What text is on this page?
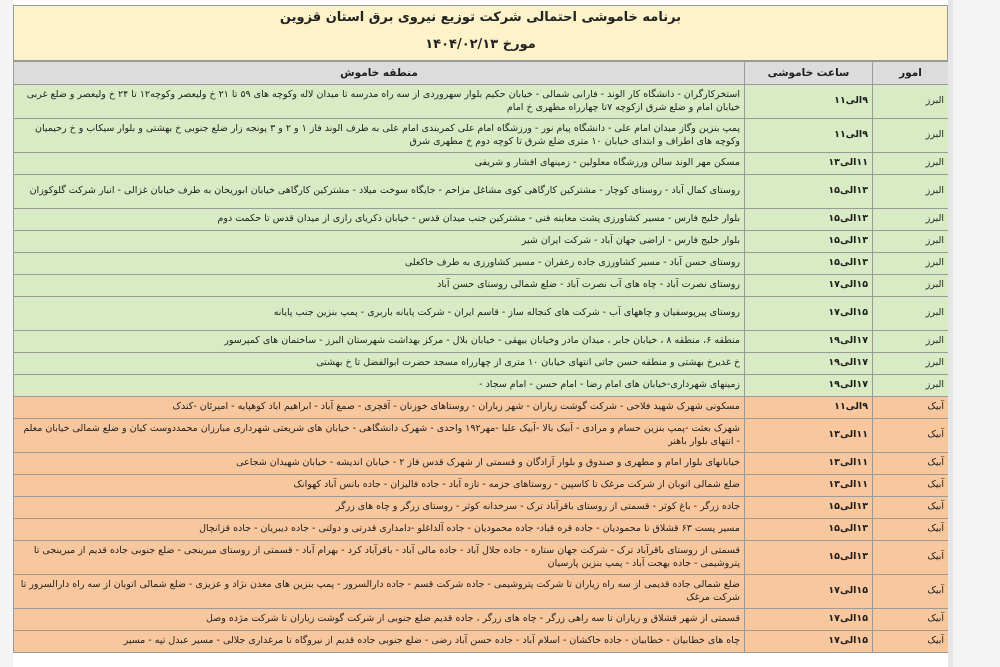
برنامه خاموشی احتمالی شرکت توزیع نیروی برق استان قزوین
مورخ ۱۴۰۴/۰۲/۱۳
امور	ساعت خاموشی	منطقه خاموش
البرز	۹الی۱۱	استخرکارگران - دانشگاه کار الوند - فارابی شمالی - خیابان حکیم بلوار سهروردی از سه راه مدرسه تا میدان لاله وکوچه های ۵۹ تا ۲۱ خ ولیعصر وکوچه۱۲ تا ۲۴ خ ولیعصر و ضلع غربی خیابان امام و ضلع شرق ازکوچه ۷تا چهارراه مطهری خ امام
البرز	۹الی۱۱	پمپ بنزین وگاز میدان امام علی - دانشگاه پیام نور - ورزشگاه امام علی کمربندی امام علی به طرف الوند فاز ۱ و ۲ و ۳ پونجه زار ضلع جنوبی خ بهشتی و بلوار سیکاب و خ رحیمیان وکوچه های اطراف و ابتدای خیابان ۱۰ متری ضلع شرق تا کوچه دوم خ مطهری شرق
البرز	۱۱الی۱۳	مسکن مهر الوند سالن ورزشگاه معلولین - زمینهای افشار و شریفی
البرز	۱۳الی۱۵	روستای کمال آباد - روستای کوچار - مشترکین کارگاهی کوی مشاغل مزاحم - جایگاه سوخت میلاد - مشترکین کارگاهی خیابان ابوریحان به طرف خیابان غزالی - انبار شرکت گلوکوزان
البرز	۱۳الی۱۵	بلوار خلیج فارس - مسیر کشاورزی پشت معاینه فنی - مشترکین جنب میدان قدس - خیابان ذکریای رازی از میدان قدس تا حکمت دوم
البرز	۱۳الی۱۵	بلوار خلیج فارس - اراضی جهان آباد - شرکت ایران شیر
البرز	۱۳الی۱۵	روستای حسن آباد - مسیر کشاورزی جاده زعفران - مسیر کشاورزی به طرف خاکعلی
البرز	۱۵الی۱۷	روستای نصرت آباد - چاه های آب نصرت آباد - ضلع شمالی روستای حسن آباد
البرز	۱۵الی۱۷	روستای پیرپوسفیان و چاههای آب - شرکت های کنجاله ساز - قاسم ایران - شرکت پایانه باربری - پمپ بنزین جنب پایانه
البرز	۱۷الی۱۹	منطقه ۶، منطقه ۸ ، خیابان جابر ، میدان مادر وخیابان بیهقی - خیابان بلال - مرکز بهداشت شهرستان البرز - ساختمان های کمپرسور
البرز	۱۷الی۱۹	خ غدیرخ بهشتی و منطقه حسن جاتی انتهای خیابان ۱۰ متری از چهارراه مسجد حضرت ابوالفضل تا خ بهشتی
البرز	۱۷الی۱۹	زمینهای شهرداری-خیابان های امام رضا - امام حسن - امام سجاد -
آبیک	۹الی۱۱	مسکونی شهرک شهید فلاحی - شرکت گوشت زیاران - شهر زیاران - روستاهای خوزنان - آقچری - صمغ آباد - ابراهیم اباد کوهپایه - امیرئان -کندک
آبیک	۱۱الی۱۳	شهرک بعثت -پمپ بنزین حسام و مرادی - آبیک بالا -آبیک علیا -مهر۱۹۲ واحدی - شهرک دانشگاهی - خیابان های شریعتی شهرداری مبارزان محمددوست کیان و ضلع شمالی خیابان معلم - انتهای بلوار باهنر
آبیک	۱۱الی۱۳	خیابانهای بلوار امام و مطهری و صندوق و بلوار آزادگان و قسمتی از شهرک قدس فاز ۲ - خیابان اندیشه - خیابان شهیدان شجاعی
آبیک	۱۱الی۱۳	ضلع شمالی اتوبان از شرکت مرغک تا کاسپین - روستاهای جزمه - تازه آباد - جاده فالیزان - جاده بانس آباد کهوانک
آبیک	۱۳الی۱۵	جاده زرگر - باغ کوثر - قسمتی از روستای باقرآباد ترک - سرخدانه کوثر - روستای زرگر و چاه های زرگر
آبیک	۱۳الی۱۵	مسیر پست ۶۳ قشلاق تا محمودیان - جاده قره قباد- جاده محمودیان - جاده آلداغلو -دامداری قدرتی و دولتی - جاده دیبریان - جاده قزانچال
آبیک	۱۳الی۱۵	قسمتی از روستای باقرآباد ترک - شرکت جهان ستاره - جاده جلال آباد - جاده مالی آباد - باقرآباد کرد - بهرام آباد - قسمتی از روستای میرینجی - ضلع جنوبی جاده قدیم از میرینجی تا پتروشیمی - جاده بهجت آباد - پمپ بنزین پارسیان
آبیک	۱۵الی۱۷	ضلع شمالی جاده قدیمی از سه راه زیاران تا شرکت پتروشیمی - جاده شرکت قسم - جاده دارالسرور - پمپ بنزین های معدن نژاد و عزیزی - ضلع شمالی اتوبان از سه راه دارالسرور تا شرکت مرغک
آبیک	۱۵الی۱۷	قسمتی از شهر قشلاق و زیاران تا سه راهی زرگر - چاه های زرگر ، جاده قدیم ضلع جنوبی از شرکت گوشت زیاران تا شرکت مژده وصل
آبیک	۱۵الی۱۷	چاه های خطابیان - خطابیان - جاده خاکشان - اسلام آباد - جاده حسن آباد رضی - ضلع جنوبی جاده قدیم از نیروگاه تا مرغداری جلالی - مسیر عبدل تپه - مسیر
